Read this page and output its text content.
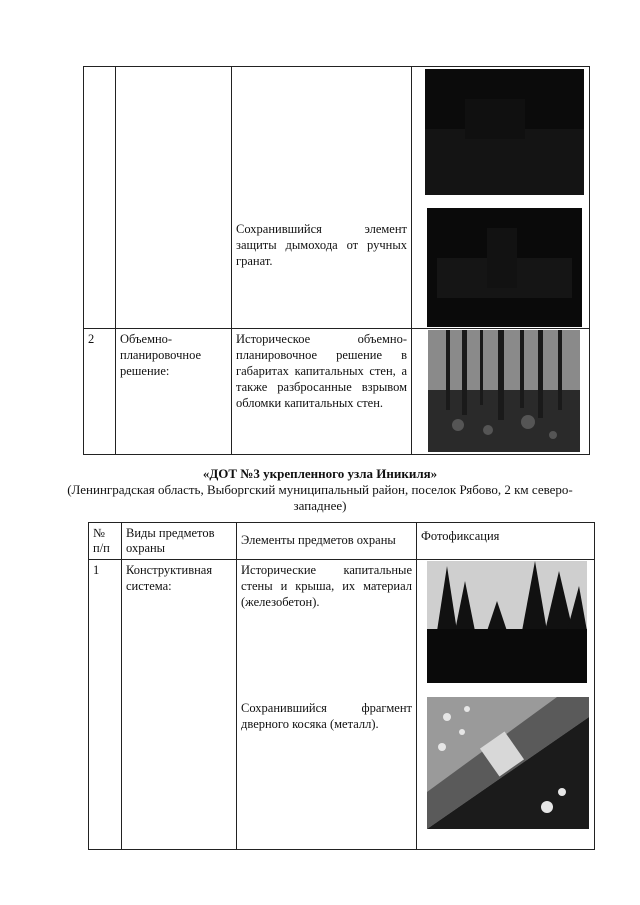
		Сохранившийся элемент защиты дымохода от ручных гранат.

2	Объемно-планировочное решение:	Историческое объемно-планировочное решение в габаритах капитальных стен, а также разбросанные взрывом обломки капитальных стен.

«ДОТ №3 укрепленного узла Иникиля»
(Ленинградская область, Выборгский муниципальный район, поселок Рябово, 2 км северо-западнее)
№ п/п	Виды предметов охраны	Элементы предметов охраны	Фотофиксация

1	Конструктивная система:	Исторические капитальные стены и крыша, их материал (железобетон).
Сохранившийся фрагмент дверного косяка (металл).
